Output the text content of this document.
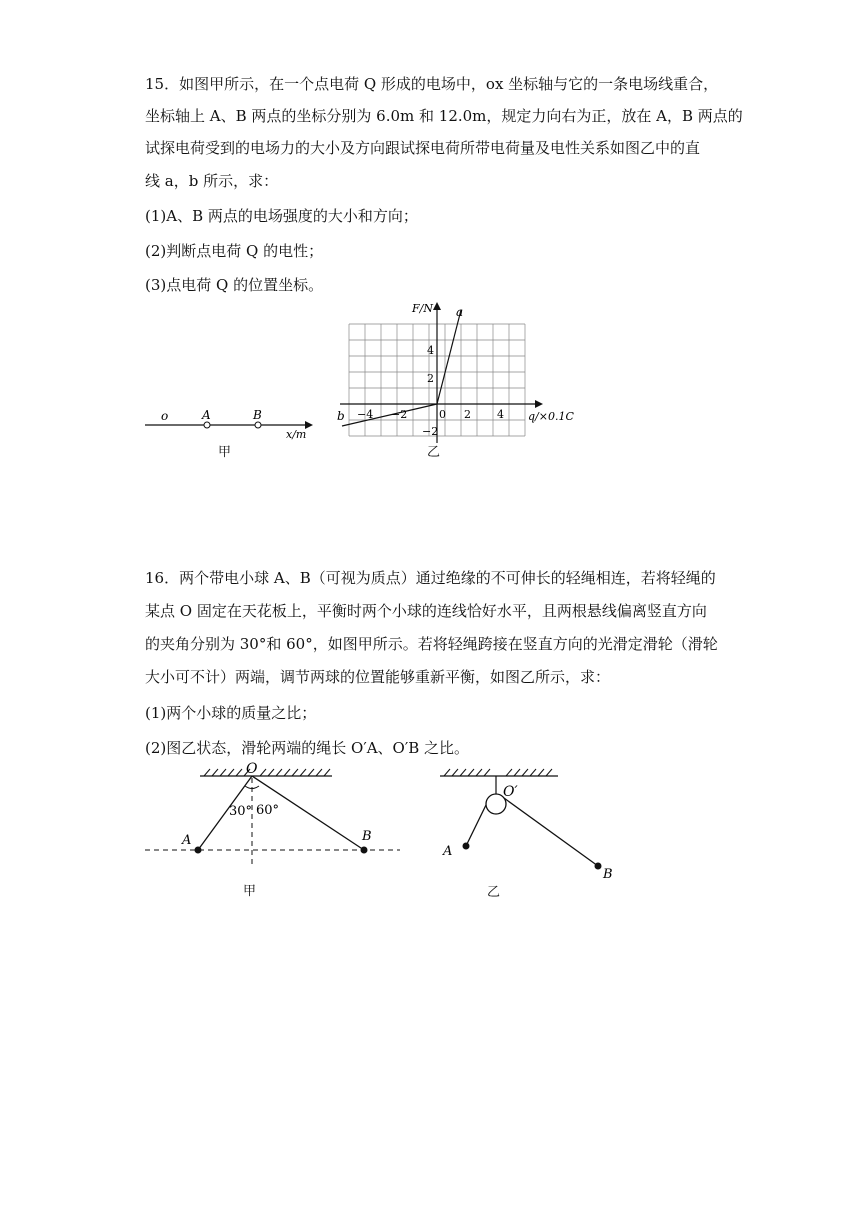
15．如图甲所示，在一个点电荷 Q 形成的电场中，ox 坐标轴与它的一条电场线重合，
坐标轴上 A、B 两点的坐标分别为 6.0m 和 12.0m，规定力向右为正，放在 A，B 两点的
试探电荷受到的电场力的大小及方向跟试探电荷所带电荷量及电性关系如图乙中的直
线 a，b 所示，求：
(1)A、B 两点的电场强度的大小和方向；
(2)判断点电荷 Q 的电性；
(3)点电荷 Q 的位置坐标。
o	A	B
x/m
甲
F/N a
b
4
2
−2
−4 −2	0 2 4 q/×0.1C
乙
16．两个带电小球 A、B（可视为质点）通过绝缘的不可伸长的轻绳相连，若将轻绳的
某点 O 固定在天花板上，平衡时两个小球的连线恰好水平，且两根悬线偏离竖直方向
的夹角分别为 30°和 60°，如图甲所示。若将轻绳跨接在竖直方向的光滑定滑轮（滑轮
大小可不计）两端，调节两球的位置能够重新平衡，如图乙所示，求：
(1)两个小球的质量之比；
(2)图乙状态，滑轮两端的绳长 O′A、O′B 之比。
O
30° 60°
A	B
甲
O′
A
B
乙
